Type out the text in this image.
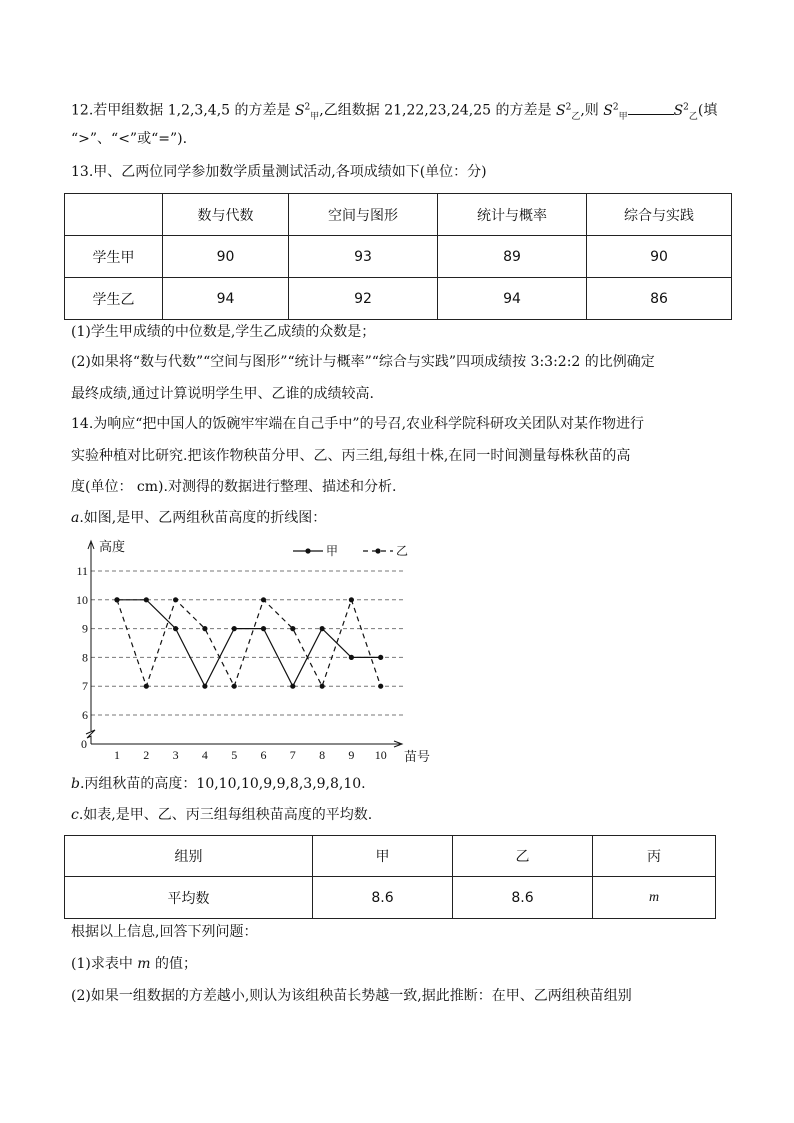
12.若甲组数据 1,2,3,4,5 的方差是 $S^2_甲$,乙组数据 21,22,23,24,25 的方差是 $S^2_乙$,则 $S^2_甲$	$S^2_乙$(填
“>”、“<”或“=”).
13.甲、乙两位同学参加数学质量测试活动,各项成绩如下(单位：分)
	数与代数	空间与图形	统计与概率	综合与实践
学生甲	90	93	89	90
学生乙	94	92	94	86
(1)学生甲成绩的中位数是,学生乙成绩的众数是；
(2)如果将“数与代数”“空间与图形”“统计与概率”“综合与实践”四项成绩按 3:3:2:2 的比例确定
最终成绩,通过计算说明学生甲、乙谁的成绩较高.
14.为响应“把中国人的饭碗牢牢端在自己手中”的号召,农业科学院科研攻关团队对某作物进行
实验种植对比研究.把该作物秧苗分甲、乙、丙三组,每组十株,在同一时间测量每株秋苗的高
度(单位： cm).对测得的数据进行整理、描述和分析.
a.如图,是甲、乙两组秋苗高度的折线图：
高度
苗号
0
6
7
8
9
10
11
1 2 3 4 5 6 7 8 9 10
甲	乙
b.丙组秋苗的高度：10,10,10,9,9,8,3,9,8,10.
c.如表,是甲、乙、丙三组每组秧苗高度的平均数.
组别	甲	乙	丙
平均数	8.6	8.6	m
根据以上信息,回答下列问题：
(1)求表中 m 的值；
(2)如果一组数据的方差越小,则认为该组秧苗长势越一致,据此推断：在甲、乙两组秧苗组别
